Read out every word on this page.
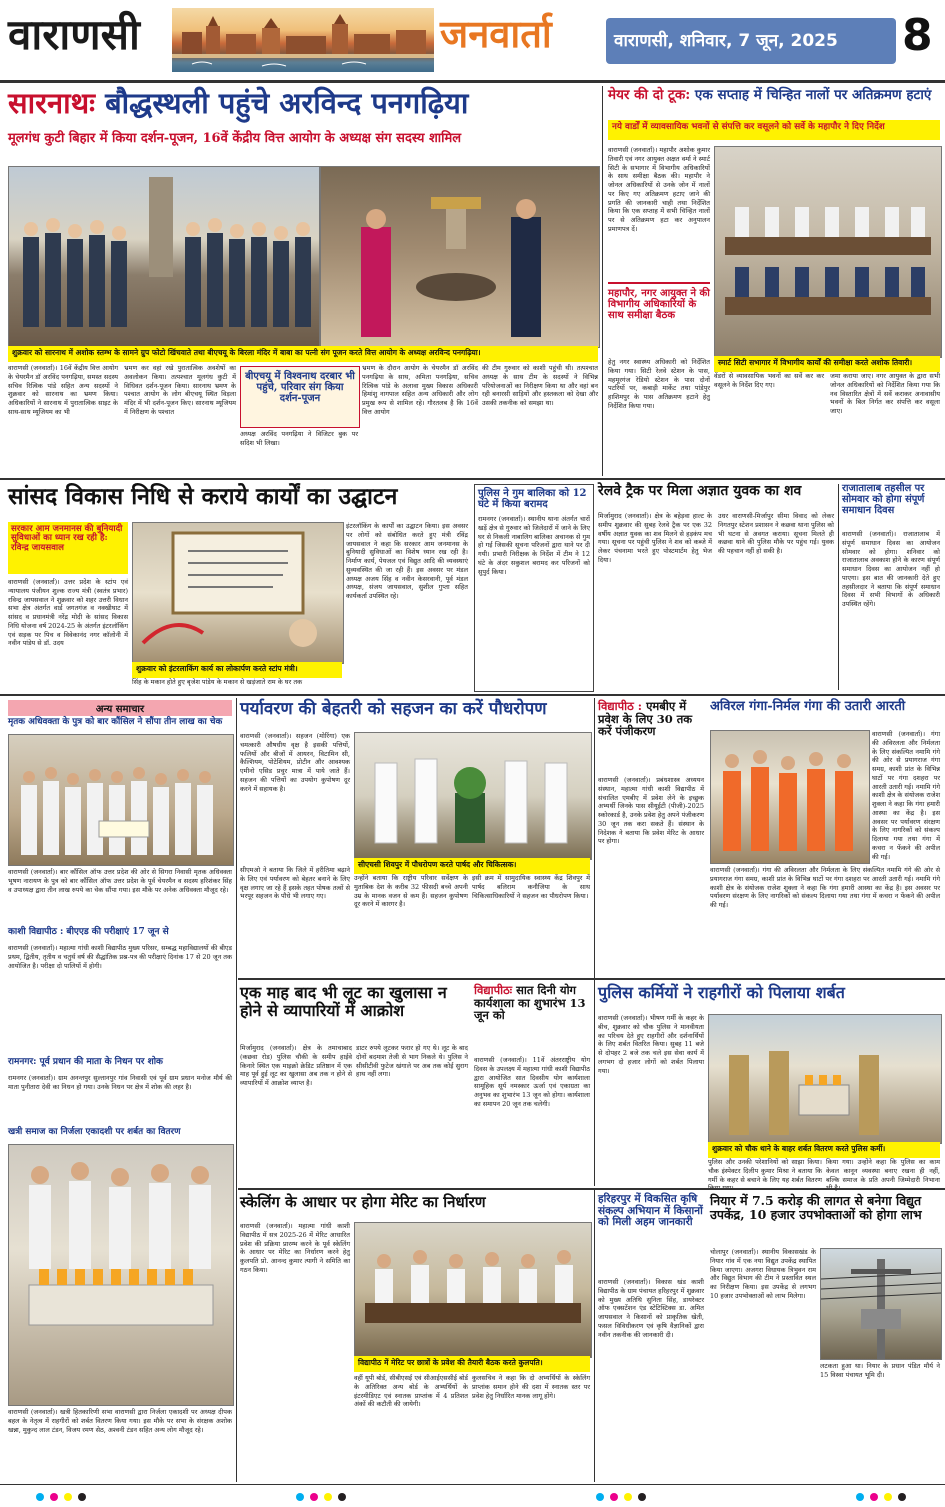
वाराणसी	जनवार्ता	वाराणसी, शनिवार, 7 जून, 2025	8
सारनाथः बौद्धस्थली पहुंचे अरविन्द पनगढ़िया
मूलगंध कुटी बिहार में किया दर्शन-पूजन, 16वें केंद्रीय वित्त आयोग के अध्यक्ष संग सदस्य शामिल
शुक्रवार को सारनाथ में अशोक स्तम्भ के सामने ग्रुप फोटो खिंचवाते तथा बीएचयू के बिरला मंदिर में बाबा का पत्नी संग पूजन करते वित्त आयोग के अध्यक्ष अरविन्द पनगढ़िया।
वाराणसी (जनवार्ता)। 16वें केंद्रीय वित्त आयोग के चेयरमैन डॉ अरविंद पनगढ़िया, समस्त सदस्य सचिव रित्विक पांडे सहित अन्य सदस्यों ने शुक्रवार को सारनाथ का भ्रमण किया। अधिकारियों ने सारनाथ में पुरातात्विक साइट के साथ-साथ म्यूजियम का भी
भ्रमण कर वहां रखे पुरातात्विक अवशेषों का अवलोकन किया। तत्पश्चात मूलगंध कुटी में विधिवत दर्शन-पूजन किया। सारनाथ भ्रमण के पश्चात आयोग के लोग बीएचयू स्थित विड़ला मंदिर में भी दर्शन-पूजन किए। सारनाथ म्यूजियम में निरीक्षण के पश्चात
बीएचयू में विश्वनाथ दरबार भी पहुंचे, परिवार संग किया दर्शन-पूजन
अध्यक्ष अरविंद पनगढ़िया ने विजिटर बुक पर सदिश भी लिखा।
भ्रमण के दौरान आयोग के चेयरमैन डॉ अरविंद पनगढ़िया के साथ, अमिता पनगढ़िया, सचिव रित्विक पांडे के अलावा मुख्य विकास अधिकारी हिमांशु नागपाल सहित अन्य अधिकारी और लोग प्रमुख रूप से शामिल रहे। गौरतलब है कि 16वें वित्त आयोग
की टीम गुरुवार को काशी पहुंची थी। तत्पश्चात अध्यक्ष के साथ टीम के सदस्यों ने विभिन्न परियोजनाओं का निरीक्षण किया था और वहां बन रही बनारसी साड़ियों और हस्तकला को देखा और उसकी तकनीक को समझा था।
मेयर की दो टूक: एक सप्ताह में चिन्हित नालों पर अतिक्रमण हटाएं
नये वार्डों में व्यावसायिक भवनों से संपत्ति कर वसूलने को सर्वे के महापौर ने दिए निर्देश
वाराणसी (जनवार्ता)। महापौर अशोक कुमार तिवारी एवं नगर आयुक्त अक्षत वर्मा ने स्मार्ट सिटी के सभागार में विभागीय अधिकारियों के साथ समीक्षा बैठक की। महापौर ने जोनल अधिकारियों से उनके जोन में नालों पर किए गए अतिक्रमण हटाए जाने की प्रगति की जानकारी चाही तथा निर्देशित किया कि एक सप्ताह में सभी चिन्हित नालों पर से अतिक्रमण हटा कर अनुपालन प्रमाणपत्र दें।
महापौर, नगर आयुक्त ने की विभागीय अधिकारियों के साथ समीक्षा बैठक
हेतु नगर स्वास्थ्य अधिकारी को निर्देशित किया गया। सिटी रेलवे स्टेशन के पास, महमूरगंज रेडियो स्टेशन के पास दोनों पटरियों पर, कबाड़ी मार्केट तथा पांडेपुर हाशिमपुर के पास अतिक्रमण हटाने हेतु निर्देशित किया गया।
स्मार्ट सिटी सभागार में विभागीय कार्यों की समीक्षा करते अशोक तिवारी।
वेंडरों से व्यावसायिक भवनों का सर्वे कर कर वसूलने के निर्देश दिए गए।
जमा कराया जाए। नगर आयुक्त के द्वारा सभी जोनल अधिकारियों को निर्देशित किया गया कि नव विस्तारित क्षेत्रों में सर्वे कराकर अनावासीय भवनों के बिल निर्गत कर संपत्ति कर वसूला जाए।
सांसद विकास निधि से कराये कार्यों का उद्घाटन
सरकार आम जनमानस की बुनियादी सुविधाओं का ध्यान रख रही है: रविन्द्र जायसवाल
वाराणसी (जनवार्ता)। उत्तर प्रदेश के स्टांप एवं न्यायालय पंजीयन शुल्क राज्य मंत्री (स्वतंत्र प्रभार) रविन्द्र जायसवाल ने शुक्रवार को शहर उत्तरी विधान सभा क्षेत्र अंतर्गत वार्ड जगतगंज व नक्खीघाट में सांसद व प्रधानमंत्री नरेंद्र मोदी के सांसद विकास निधि योजना वर्ष 2024-25 के अंतर्गत इंटरलॉकिंग एवं सड़क पर पिच व विवेकानंद नगर कॉलोनी में नवीन पांडेय से डॉ. उदय
शुक्रवार को इंटरलाकिंग कार्य का लोकार्पण करते स्टांप मंत्री।
सिंह के मकान होते हुए बृजेश पांडेय के मकान से खड़ंजाते राम के घर तक
इंटरलॉकिंग के कार्यों का उद्घाटन किया। इस अवसर पर लोगों को संबोधित करते हुए मंत्री रविंद्र जायसवाल ने कहा कि सरकार आम जनमानस के बुनियादी सुविधाओं का विशेष ध्यान रख रही है। निर्माण कार्य, पेयजल एवं विद्युत आदि की व्यवस्थाएं सुव्यवस्थित की जा रही हैं। इस अवसर पर मंडल अध्यक्ष अजय सिंह व नवीन केसरवानी, पूर्व मंडल अध्यक्ष, संजय जायसवाल, सुशील गुप्ता सहित कार्यकर्ता उपस्थित रहे।
पुलिस ने गुम बालिका को 12 घंटे में किया बरामद
रामनगर (जनवार्ता)। स्थानीय थाना अंतर्गत चारों खड़ें क्षेत्र से गुरुवार को जिलेदारों में जाने के लिए घर से निकली नाबालिग बालिका अचानक से गुम हो गई जिसकी सूचना परिजनों द्वारा थाने पर दी गयी। प्रभारी निरीक्षक के निर्देश में टीम ने 12 घंटे के अंदर सकुशल बरामद कर परिजनों को सुपुर्द किया।
रेलवे ट्रैक पर मिला अज्ञात युवक का शव
मिर्जामुराद (जनवार्ता)। क्षेत्र के बहेड़वा हाल्ट के समीप शुक्रवार की सुबह रेलवे ट्रैक पर एक 32 वर्षीय अज्ञात युवक का शव मिलने से हड़कंप मच गया। सूचना पर पहुंची पुलिस ने शव को कब्जे में लेकर पंचनामा भरते हुए पोस्टमार्टम हेतु भेज दिया।
उधर वाराणसी-मिर्जापुर सीमा विवाद को लेकर निगतपुर स्टेशन प्रशासन ने कछवा थाना पुलिस को भी घटना से अवगत कराया। सूचना मिलते ही कछवा थाने की पुलिस मौके पर पहुंच गई। युवक की पहचान नहीं हो सकी है।
राजातालाब तहसील पर सोमवार को होगा संपूर्ण समाधान दिवस
वाराणसी (जनवार्ता)। राजातालाब में संपूर्ण समाधान दिवस का आयोजन सोमवार को होगा। शनिवार को राजातालाब अवकाश होने के कारण संपूर्ण समाधान दिवस का आयोजन नहीं हो पाएगा। इस बात की जानकारी देते हुए तहसीलदार ने बताया कि संपूर्ण समाधान दिवस में सभी विभागों के अधिकारी उपस्थित रहेंगे।
अन्य समाचार
मृतक अधिवक्ता के पुत्र को बार कौंसिल ने सौंपा तीन लाख का चेक
वाराणसी (जनवार्ता)। बार कौंसिल ऑफ उत्तर प्रदेश की ओर से सिगरा निवासी मृतक अधिवक्ता भूषण नारायण के पुत्र को बार कौंसिल ऑफ उत्तर प्रदेश के पूर्व चेयरमैन व सदस्य हरिशंकर सिंह व उपाध्यक्ष द्वारा तीन लाख रुपये का चेक सौंपा गया। इस मौके पर अनेक अधिवक्ता मौजूद रहे।
काशी विद्यापीठ : बीएएड की परीक्षाएं 17 जून से
वाराणसी (जनवार्ता)। महात्मा गांधी काशी विद्यापीठ मुख्य परिसर, सम्बद्ध महाविद्यालयों की बीएड प्रथम, द्वितीय, तृतीय व चतुर्थ वर्ष की सैद्धांतिक प्रश्न-पत्र की परीक्षाएं दिनांक 17 से 20 जून तक आयोजित है। परीक्षा दो पालियों में होगी।
रामनगर: पूर्व प्रधान की माता के निधन पर शोक
रामनगर (जनवार्ता)। ग्राम अनन्तपुर सुल्तानपुर गांव निवासी एवं पूर्व ग्राम प्रधान मनोज मौर्य की माता पुनीतारा देवी का निधन हो गया। उनके निधन पर क्षेत्र में शोक की लहर है।
खत्री समाज का निर्जला एकादशी पर शर्बत का वितरण
वाराणसी (जनवार्ता)। खत्री हितकारिणी सभा वाराणसी द्वारा निर्जला एकादशी पर अध्यक्ष दीपक बहल के नेतृत्व में राहगीरों को शर्बत वितरण किया गया। इस मौके पर सभा के संरक्षक अशोक खन्ना, मुकुन्द लाल टंडन, विजय रमण सेठ, अश्वनी टंडन सहित अन्य लोग मौजूद रहे।
पर्यावरण की बेहतरी को सहजन का करें पौधरोपण
वाराणसी (जनवार्ता)। सहजन (मोरिंगा) एक चमत्कारी औषधीय वृक्ष है इसकी पत्तियों, फलियों और बीजों में आयरन, विटामिन सी, कैल्शियम, पोटेशियम, प्रोटीन और आवश्यक एमीनो एसिड प्रचुर मात्रा में पाये जाते हैं। सहजन की पत्तियों का उपयोग कुपोषण दूर करने में सहायक है।
सीएचसी शिवपुर में पौधरोपण करते पार्षद और चिकित्सक।
सीएमओ ने बताया कि जिले में हरीतिमा बढ़ाने के लिए एवं पर्यावरण को बेहतर बनाने के लिए वृक्ष लगाए जा रहे हैं इसके तहत पोषक तत्वों से भरपूर सहजन के पौधे भी लगाए गए।
उन्होंने बताया कि राष्ट्रीय परिवार सर्वेक्षण के मुताबिक देश के करीब 32 फीसदी बच्चे अपनी उम्र के मानक वजन से कम हैं। सहजन कुपोषण दूर करने में कारगर है।
इसी क्रम में सामुदायिक स्वास्थ्य केंद्र शिवपुर में पार्षद बलिराम कनौजिया के साथ चिकित्साधिकारियों ने सहजन का पौधरोपण किया।
विद्यापीठ : एमबीए में प्रवेश के लिए 30 तक करें पंजीकरण
वाराणसी (जनवार्ता)। प्रबंधशास्त्र अध्ययन संस्थान, महात्मा गांधी काशी विद्यापीठ में संचालित एमबीए में प्रवेश लेने के इच्छुक अभ्यर्थी जिनके पास सीयूईटी (पीजी)-2025 स्कोरकार्ड है, उनके प्रवेश हेतु अपने पंजीकरण 30 जून तक करा सकते हैं। संस्थान के निदेशक ने बताया कि प्रवेश मेरिट के आधार पर होगा।
अविरल गंगा-निर्मल गंगा की उतारी आरती
वाराणसी (जनवार्ता)। गंगा की अविरलता और निर्मलता के लिए संकल्पित नमामि गंगे की ओर से प्रयागराज गंगा समग्र, काशी प्रांत के विभिन्न घाटों पर गंगा दशहरा पर आरती उतारी गई। नमामि गंगे काशी क्षेत्र के संयोजक राजेश शुक्ला ने कहा कि गंगा हमारी आस्था का केंद्र है। इस अवसर पर पर्यावरण संरक्षण के लिए नागरिकों को संकल्प दिलाया गया तथा गंगा में कचरा न फेंकने की अपील की गई।
वाराणसी (जनवार्ता)। गंगा की अविरलता और निर्मलता के लिए संकल्पित नमामि गंगे की ओर से प्रयागराज गंगा समग्र, काशी प्रांत के विभिन्न घाटों पर गंगा दशहरा पर आरती उतारी गई। नमामि गंगे काशी क्षेत्र के संयोजक राजेश शुक्ला ने कहा कि गंगा हमारी आस्था का केंद्र है। इस अवसर पर पर्यावरण संरक्षण के लिए नागरिकों को संकल्प दिलाया गया तथा गंगा में कचरा न फेंकने की अपील की गई।
एक माह बाद भी लूट का खुलासा न होने से व्यापारियों में आक्रोश
मिर्जामुराद (जनवार्ता)। क्षेत्र के तमाचाबाद (कछवा रोड) पुलिस चौकी के समीप हाईवे किनारे स्थित एक माइक्रो क्रेडिट प्रतिष्ठान में एक माह पूर्व हुई लूट का खुलासा अब तक न होने से व्यापारियों में आक्रोश व्याप्त है।
डाटर रुपये लूटकर फरार हो गए थे। लूट के बाद दोनों बदमाश तेजी से भाग निकले थे। पुलिस ने सीसीटीवी फुटेज खंगाले पर अब तक कोई सुराग हाथ नहीं लगा।
विद्यापीठः सात दिनी योग कार्यशाला का शुभारंभ 13 जून को
वाराणसी (जनवार्ता)। 11वें अंतरराष्ट्रीय योग दिवस के उपलक्ष्य में महात्मा गांधी काशी विद्यापीठ द्वारा आयोजित सात दिवसीय योग कार्यशाला सामूहिक सूर्य नमस्कार ऊर्जा एवं एकाग्रता का अनुभव का शुभारंभ 13 जून को होगा। कार्यशाला का समापन 20 जून तक चलेगी।
पुलिस कर्मियों ने राहगीरों को पिलाया शर्बत
वाराणसी (जनवार्ता)। भीषण गर्मी के कहर के बीच, शुक्रवार को चौक पुलिस ने मानवीयता का परिचय देते हुए राहगीरों और दर्शनार्थियों के लिए शर्बत वितरित किया। सुबह 11 बजे से दोपहर 2 बजे तक चले इस सेवा कार्य में लगभग दो हजार लोगों को शर्बत पिलाया गया।
शुक्रवार को चौक थाने के बाहर शर्बत वितरण करते पुलिस कर्मी।
पुलिस और उनकी परेशानियों को साझा किया। चौक इंस्पेक्टर दिलीप कुमार मिश्रा ने बताया कि गर्मी के कहर से बचाने के लिए यह शर्बत वितरण
किया गया। उन्होंने कहा कि पुलिस का काम केवल कानून व्यवस्था बनाए रखना ही नहीं, बल्कि समाज के प्रति अपनी जिम्मेदारी निभाना
स्केलिंग के आधार पर होगा मेरिट का निर्धारण
वाराणसी (जनवार्ता)। महात्मा गांधी काशी विद्यापीठ में सत्र 2025-26 में मेरिट आधारित प्रवेश की प्रक्रिया प्रारम्भ करने के पूर्व स्केलिंग के आधार पर मेरिट का निर्धारण करने हेतु कुलपति प्रो. आनन्द कुमार त्यागी ने समिति का गठन किया।
विद्यापीठ में मेरिट पर छात्रों के प्रवेश की तैयारी बैठक करते कुलपति।
वहीं यूपी बोर्ड, सीबीएसई एवं सीआईएससीई बोर्ड के अतिरिक्त अन्य बोर्ड के अभ्यर्थियों के इंटरमीडिएट एवं स्नातक प्राप्तांक में 4 प्रतिशत अंकों की कटौती की जायेगी।
कुलसचिव ने कहा कि दो अभ्यर्थियों के स्केलिंग प्राप्तांक समान होने की दशा में स्नातक स्तर पर प्रवेश हेतु निर्धारित मानक लागू होंगे।
हरिहरपुर में विकसित कृषि संकल्प अभियान में किसानों को मिली अहम जानकारी
वाराणसी (जनवार्ता)। विकास खंड काशी विद्यापीठ के ग्राम पंचायत हरिहरपुर में शुक्रवार को मुख्य अतिथि सुनिता सिंह, डायरेक्टर ऑफ एक्सटेंशन एंड स्टेटिस्टिक्स डा. अमित जायसवाल ने किसानों को प्राकृतिक खेती, फसल विविधीकरण एवं कृषि वैज्ञानिकों द्वारा नवीन तकनीक की जानकारी दी।
नियार में 7.5 करोड़ की लागत से बनेगा विद्युत उपकेंद्र, 10 हजार उपभोक्ताओं को होगा लाभ
चोलापुर (जनवार्ता)। स्थानीय विकासखंड के नियार गांव में एक नया विद्युत उपकेंद्र स्थापित किया जाएगा। अजगरा विधायक त्रिभुवन राम और विद्युत विभाग की टीम ने प्रस्तावित स्थल का निरीक्षण किया। इस उपकेंद्र से लगभग 10 हजार उपभोक्ताओं को लाभ मिलेगा।
लटकता हुआ था। नियार के प्रधान पंडित मौर्य ने 15 विस्वा पंचायत भूमि दी।
